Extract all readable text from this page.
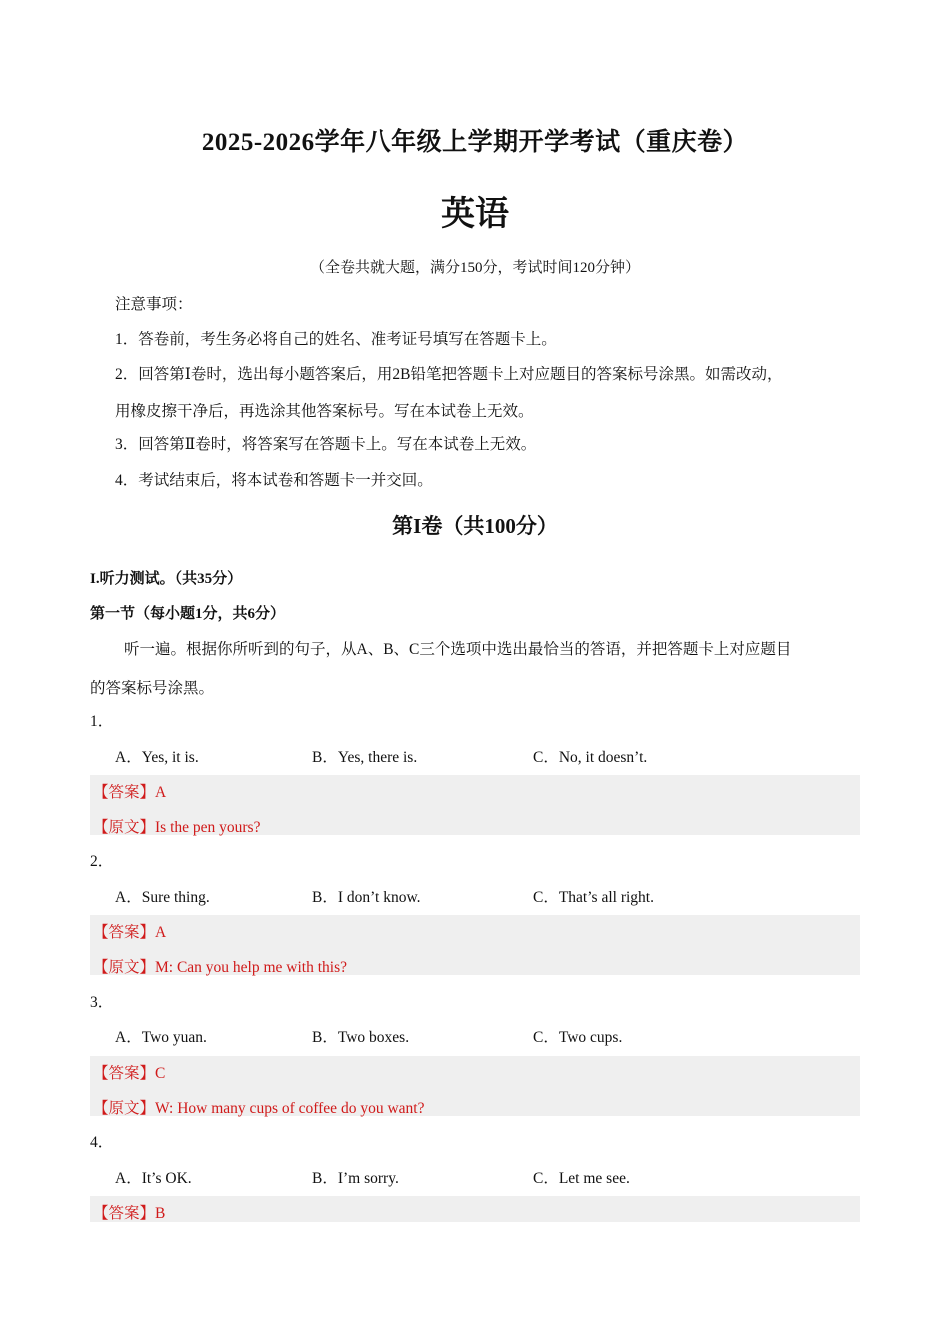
2025-2026学年八年级上学期开学考试（重庆卷）
英语
（全卷共就大题，满分150分，考试时间120分钟）
注意事项：
1．答卷前，考生务必将自己的姓名、准考证号填写在答题卡上。
2．回答第Ⅰ卷时，选出每小题答案后，用2B铅笔把答题卡上对应题目的答案标号涂黑。如需改动，
用橡皮擦干净后，再选涂其他答案标号。写在本试卷上无效。
3．回答第Ⅱ卷时，将答案写在答题卡上。写在本试卷上无效。
4．考试结束后，将本试卷和答题卡一并交回。
第I卷（共100分）
I.听力测试。（共35分）
第一节（每小题1分，共6分）
听一遍。根据你所听到的句子，从A、B、C三个选项中选出最恰当的答语，并把答题卡上对应题目
的答案标号涂黑。
1．
A．Yes, it is.	B．Yes, there is.	C．No, it doesn’t.
【答案】A
【原文】Is the pen yours?
2．
A．Sure thing.	B．I don’t know.	C．That’s all right.
【答案】A
【原文】M: Can you help me with this?
3．
A．Two yuan.	B．Two boxes.	C．Two cups.
【答案】C
【原文】W: How many cups of coffee do you want?
4．
A．It’s OK.	B．I’m sorry.	C．Let me see.
【答案】B
